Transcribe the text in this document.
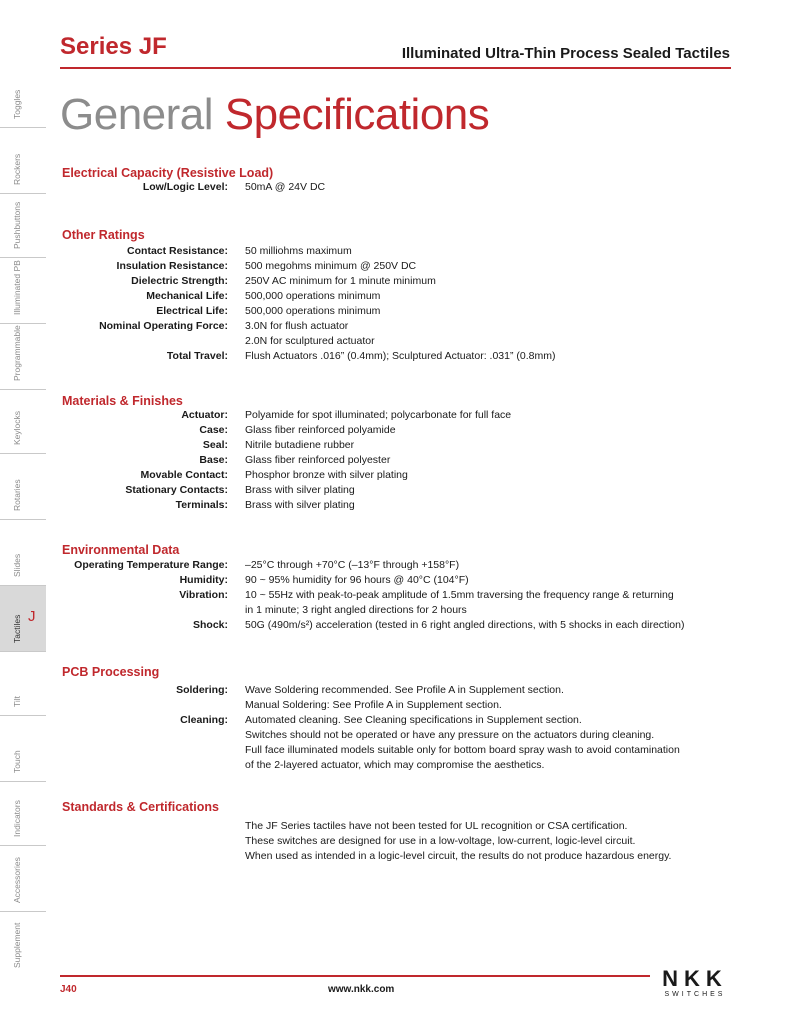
Toggles
Rockers
Pushbuttons
Illuminated PB
Programmable
Keylocks
Rotaries
Slides
Tactiles J
Tilt
Touch
Indicators
Accessories
Supplement
Series JF	Illuminated Ultra-Thin Process Sealed Tactiles
General Specifications
Electrical Capacity (Resistive Load)
Low/Logic Level: 50mA @ 24V DC
Other Ratings
Contact Resistance: 50 milliohms maximum
Insulation Resistance: 500 megohms minimum @ 250V DC
Dielectric Strength: 250V AC minimum for 1 minute minimum
Mechanical Life: 500,000 operations minimum
Electrical Life: 500,000 operations minimum
Nominal Operating Force: 3.0N for flush actuator
2.0N for sculptured actuator
Total Travel: Flush Actuators .016” (0.4mm); Sculptured Actuator: .031” (0.8mm)
Materials & Finishes
Actuator: Polyamide for spot illuminated; polycarbonate for full face
Case: Glass fiber reinforced polyamide
Seal: Nitrile butadiene rubber
Base: Glass fiber reinforced polyester
Movable Contact: Phosphor bronze with silver plating
Stationary Contacts: Brass with silver plating
Terminals: Brass with silver plating
Environmental Data
Operating Temperature Range: –25°C through +70°C (–13°F through +158°F)
Humidity: 90 ~ 95% humidity for 96 hours @ 40°C (104°F)
Vibration: 10 ~ 55Hz with peak-to-peak amplitude of 1.5mm traversing the frequency range & returning
in 1 minute; 3 right angled directions for 2 hours
Shock: 50G (490m/s²) acceleration (tested in 6 right angled directions, with 5 shocks in each direction)
PCB Processing
Soldering: Wave Soldering recommended. See Profile A in Supplement section.
Manual Soldering: See Profile A in Supplement section.
Cleaning: Automated cleaning. See Cleaning specifications in Supplement section.
Switches should not be operated or have any pressure on the actuators during cleaning.
Full face illuminated models suitable only for bottom board spray wash to avoid contamination
of the 2-layered actuator, which may compromise the aesthetics.
Standards & Certifications
The JF Series tactiles have not been tested for UL recognition or CSA certification.
These switches are designed for use in a low-voltage, low-current, logic-level circuit.
When used as intended in a logic-level circuit, the results do not produce hazardous energy.
J40	www.nkk.com	NKK
SWITCHES
